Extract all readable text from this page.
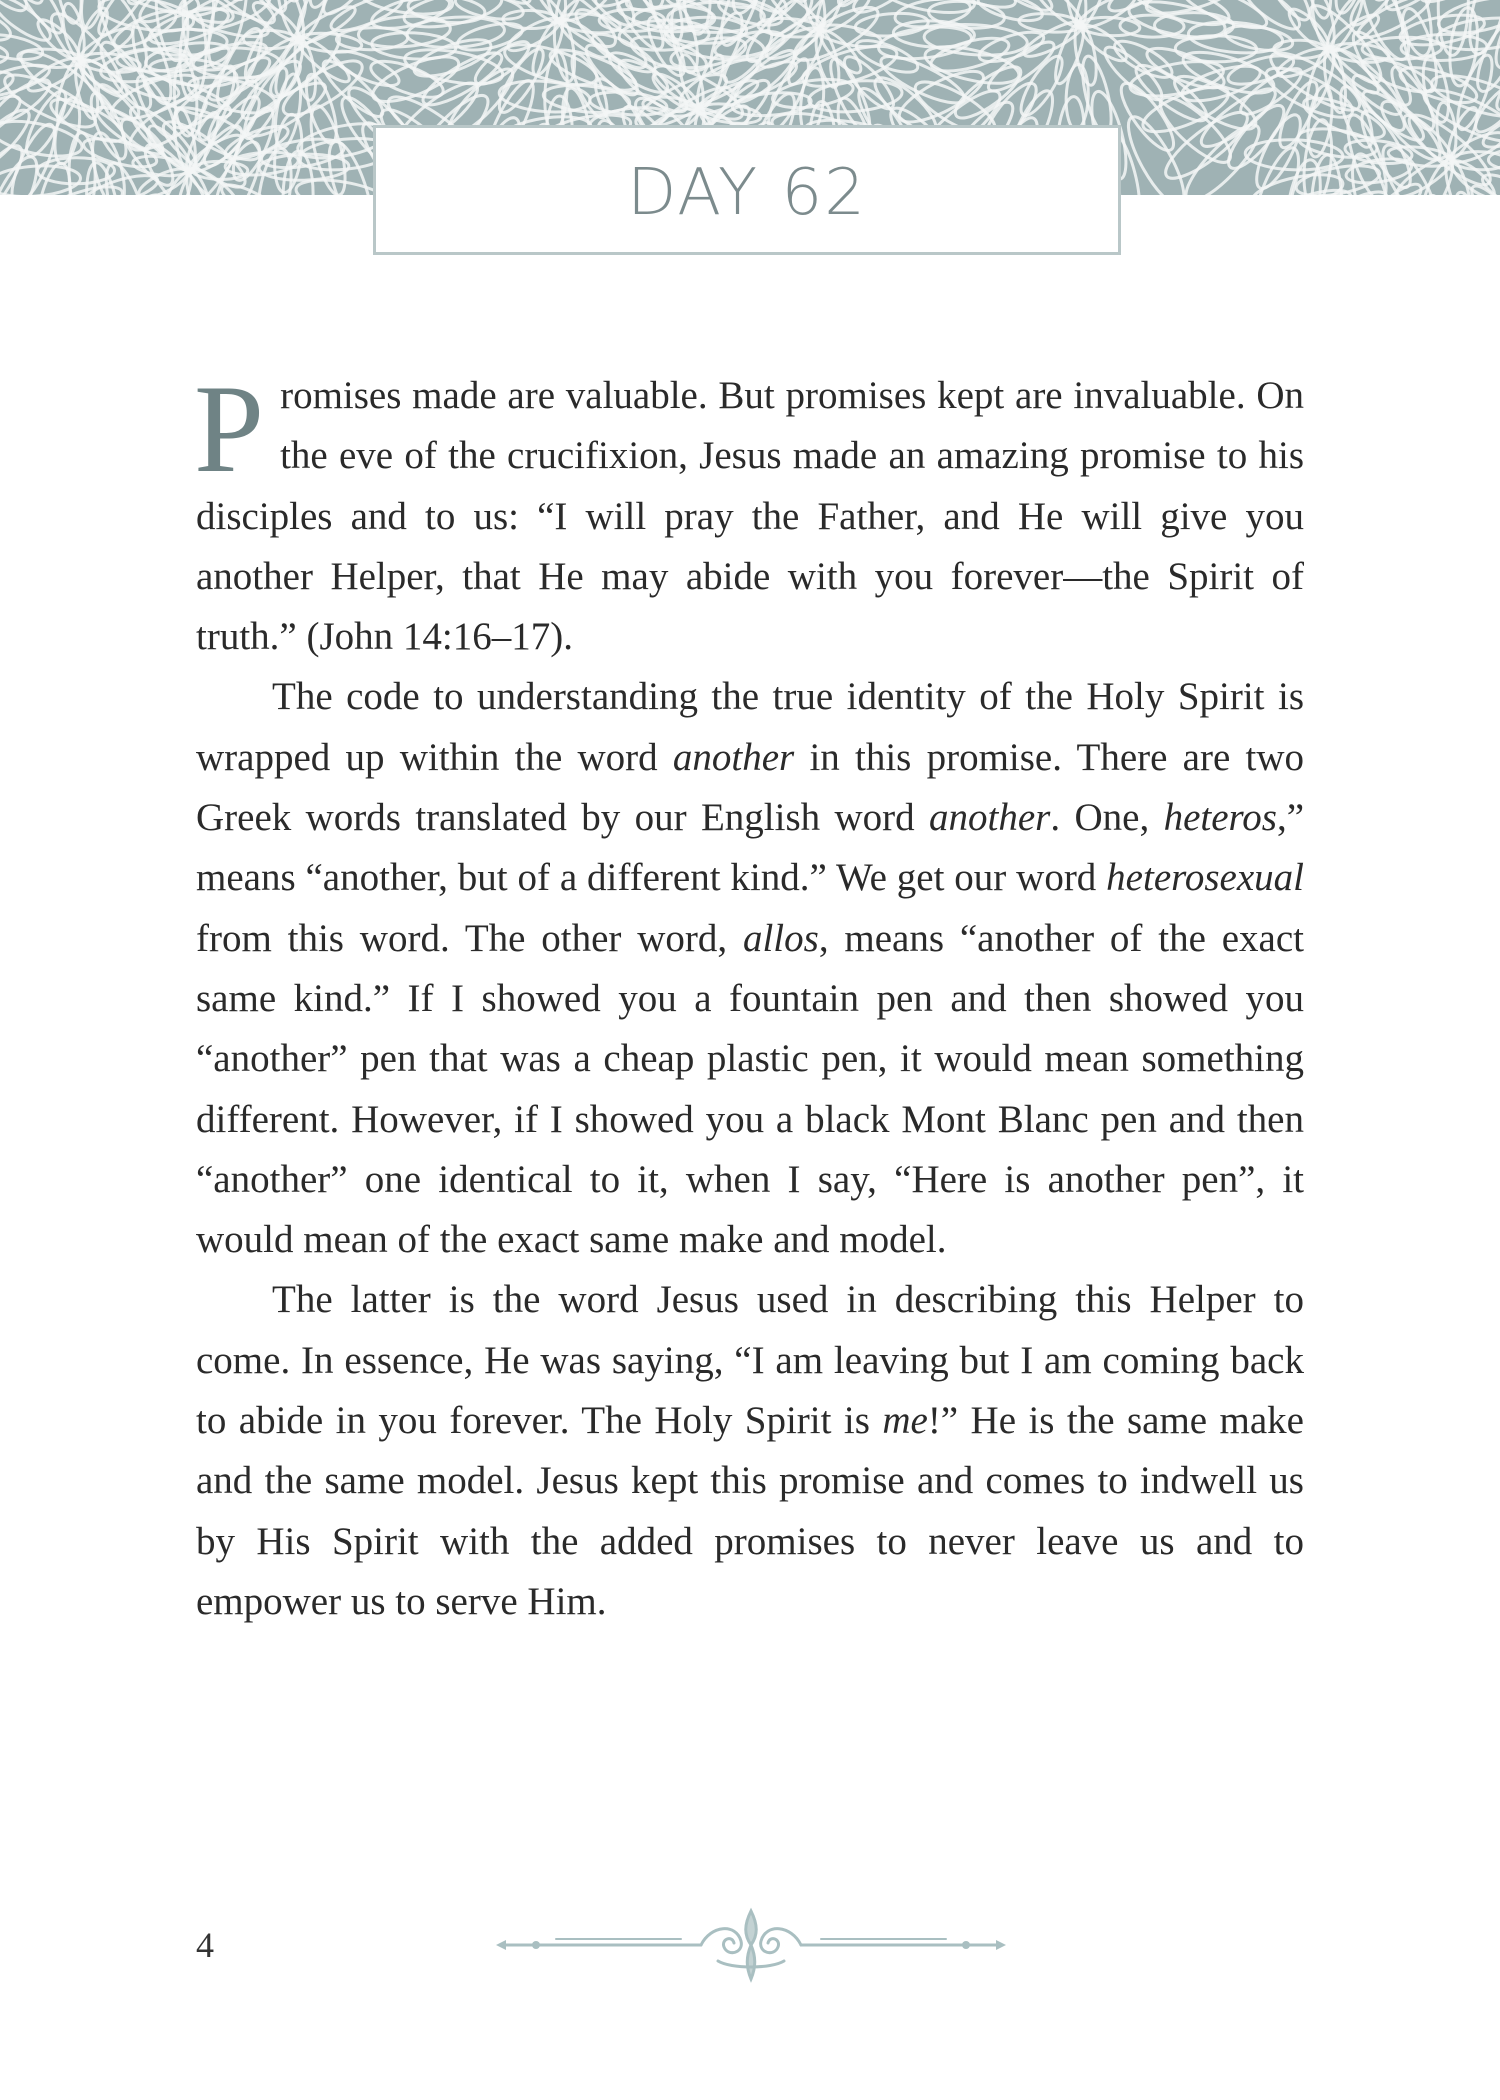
DAY 62

Promises made are valuable. But promises kept are invaluable. On the eve of the crucifixion, Jesus made an amazing promise to his disciples and to us: “I will pray the Father, and He will give you another Helper, that He may abide with you forever—the Spirit of truth.” (John 14:16–17).

The code to understanding the true identity of the Holy Spirit is wrapped up within the word another in this promise. There are two Greek words translated by our English word another. One, heteros,” means “another, but of a different kind.” We get our word heterosexual from this word. The other word, allos, means “another of the exact same kind.” If I showed you a fountain pen and then showed you “another” pen that was a cheap plastic pen, it would mean something different. However, if I showed you a black Mont Blanc pen and then “another” one identical to it, when I say, “Here is another pen”, it would mean of the exact same make and model.

The latter is the word Jesus used in describing this Helper to come. In essence, He was saying, “I am leaving but I am coming back to abide in you forever. The Holy Spirit is me!” He is the same make and the same model. Jesus kept this promise and comes to indwell us by His Spirit with the added promises to never leave us and to empower us to serve Him.

4
